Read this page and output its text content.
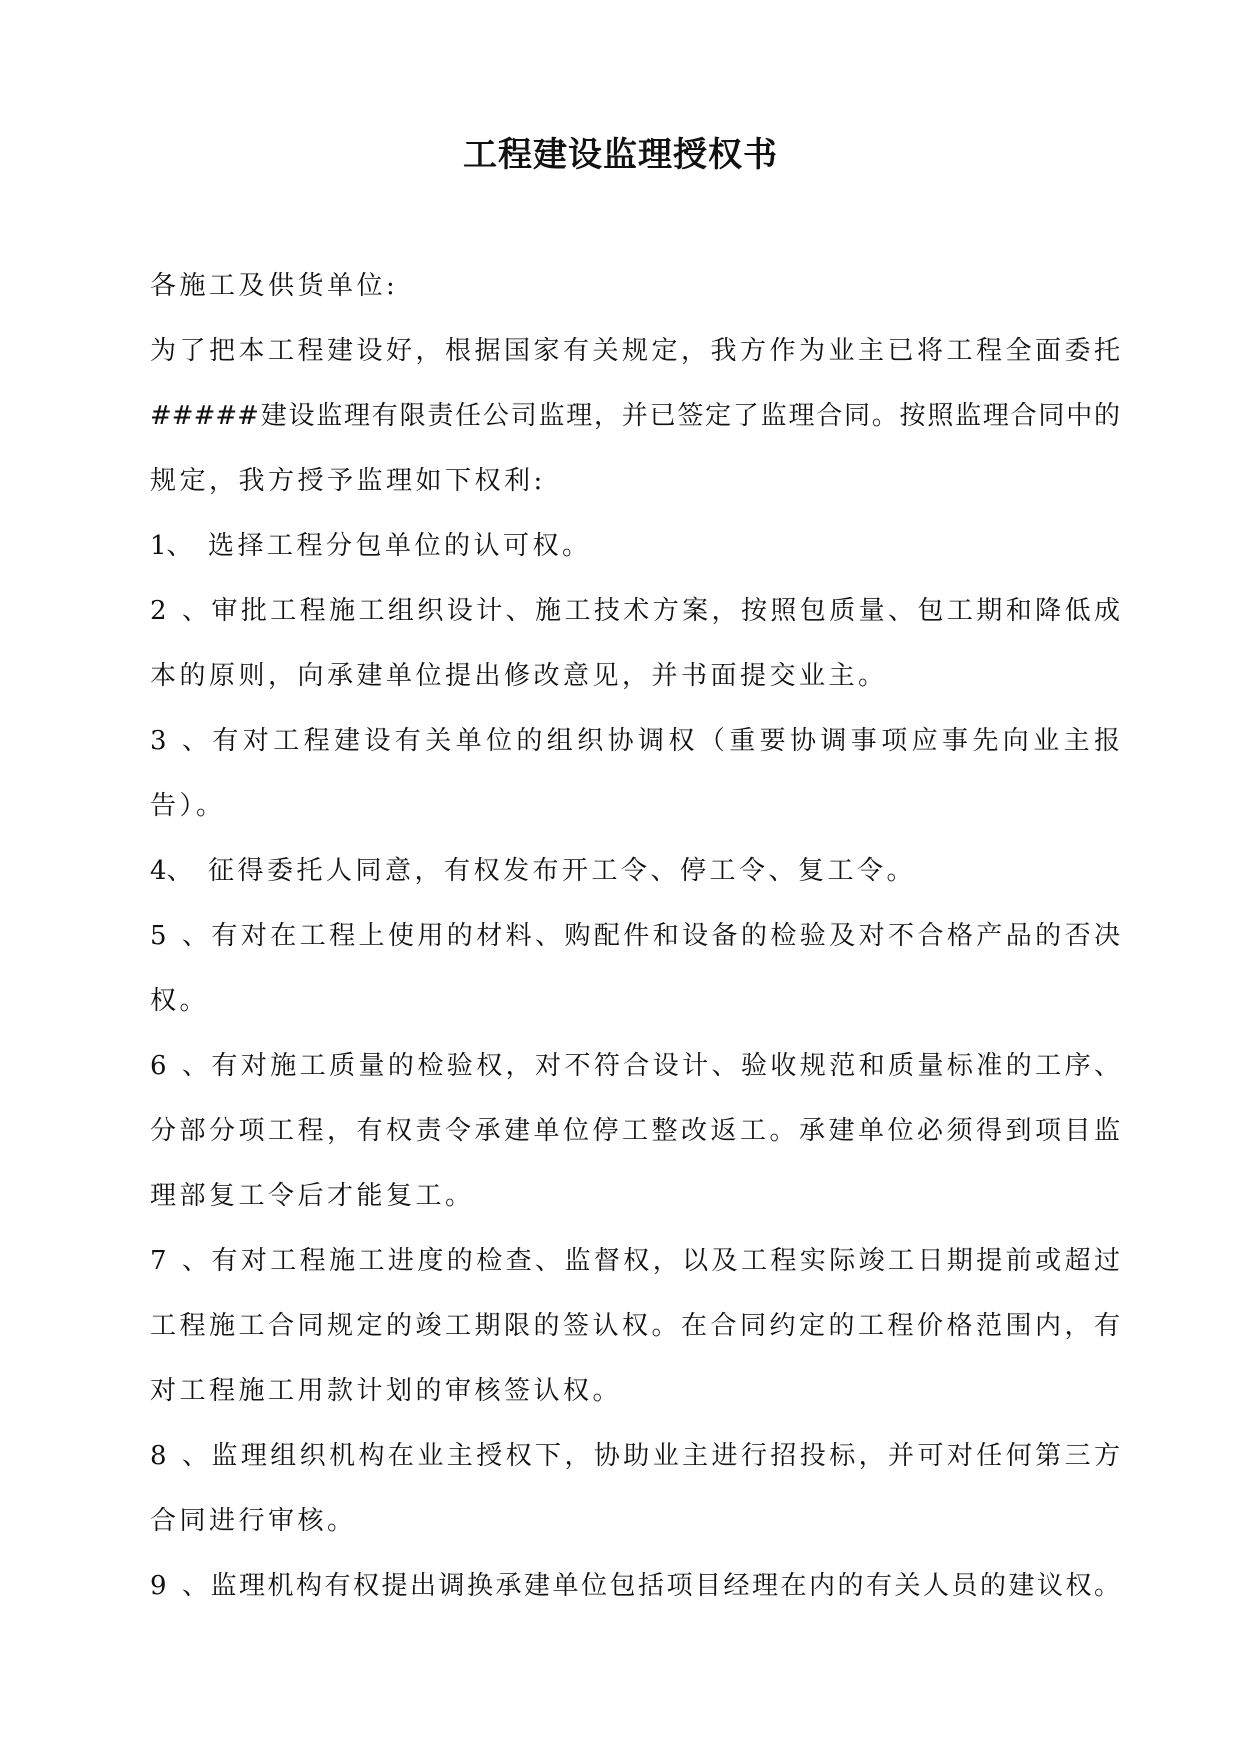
工程建设监理授权书
各施工及供货单位:
为了把本工程建设好，根据国家有关规定，我方作为业主已将工程全面委托
#####建设监理有限责任公司监理，并已签定了监理合同。按照监理合同中的
规定，我方授予监理如下权利:
1、 选择工程分包单位的认可权。
2、审批工程施工组织设计、施工技术方案，按照包质量、包工期和降低成
本的原则，向承建单位提出修改意见，并书面提交业主。
3、有对工程建设有关单位的组织协调权（重要协调事项应事先向业主报
告）。
4、 征得委托人同意，有权发布开工令、停工令、复工令。
5、有对在工程上使用的材料、购配件和设备的检验及对不合格产品的否决
权。
6、有对施工质量的检验权，对不符合设计、验收规范和质量标准的工序、
分部分项工程，有权责令承建单位停工整改返工。承建单位必须得到项目监
理部复工令后才能复工。
7、有对工程施工进度的检查、监督权，以及工程实际竣工日期提前或超过
工程施工合同规定的竣工期限的签认权。在合同约定的工程价格范围内，有
对工程施工用款计划的审核签认权。
8、监理组织机构在业主授权下，协助业主进行招投标，并可对任何第三方
合同进行审核。
9、监理机构有权提出调换承建单位包括项目经理在内的有关人员的建议权。
